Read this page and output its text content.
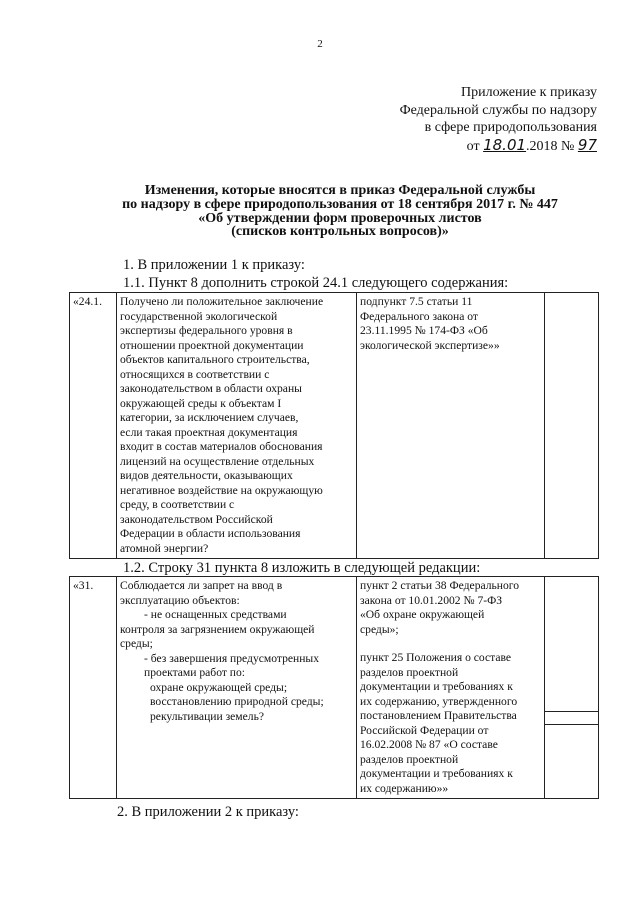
2
Приложение к приказу
Федеральной службы по надзору
в сфере природопользования
от 18.01.2018 № 97
Изменения, которые вносятся в приказ Федеральной службы
по надзору в сфере природопользования от 18 сентября 2017 г. № 447
«Об утверждении форм проверочных листов
(списков контрольных вопросов)»
1. В приложении 1 к приказу:
1.1. Пункт 8 дополнить строкой 24.1 следующего содержания:
«24.1.	Получено ли положительное заключение
государственной экологической
экспертизы федерального уровня в
отношении проектной документации
объектов капитального строительства,
относящихся в соответствии с
законодательством в области охраны
окружающей среды к объектам I
категории, за исключением случаев,
если такая проектная документация
входит в состав материалов обоснования
лицензий на осуществление отдельных
видов деятельности, оказывающих
негативное воздействие на окружающую
среду, в соответствии с
законодательством Российской
Федерации в области использования
атомной энергии?

подпункт 7.5 статьи 11
Федерального закона от
23.11.1995 № 174-ФЗ «Об
экологической экспертизе»»

1.2. Строку 31 пункта 8 изложить в следующей редакции:
«31.	Соблюдается ли запрет на ввод в
эксплуатацию объектов:
- не оснащенных средствами
контроля за загрязнением окружающей
среды;
- без завершения предусмотренных
проектами работ по:
охране окружающей среды;
восстановлению природной среды;
рекультивации земель?

пункт 2 статьи 38 Федерального
закона от 10.01.2002 № 7-ФЗ
«Об охране окружающей
среды»;
пункт 25 Положения о составе
разделов проектной
документации и требованиях к
их содержанию, утвержденного
постановлением Правительства
Российской Федерации от
16.02.2008 № 87 «О составе
разделов проектной
документации и требованиях к
их содержанию»»

2. В приложении 2 к приказу:
